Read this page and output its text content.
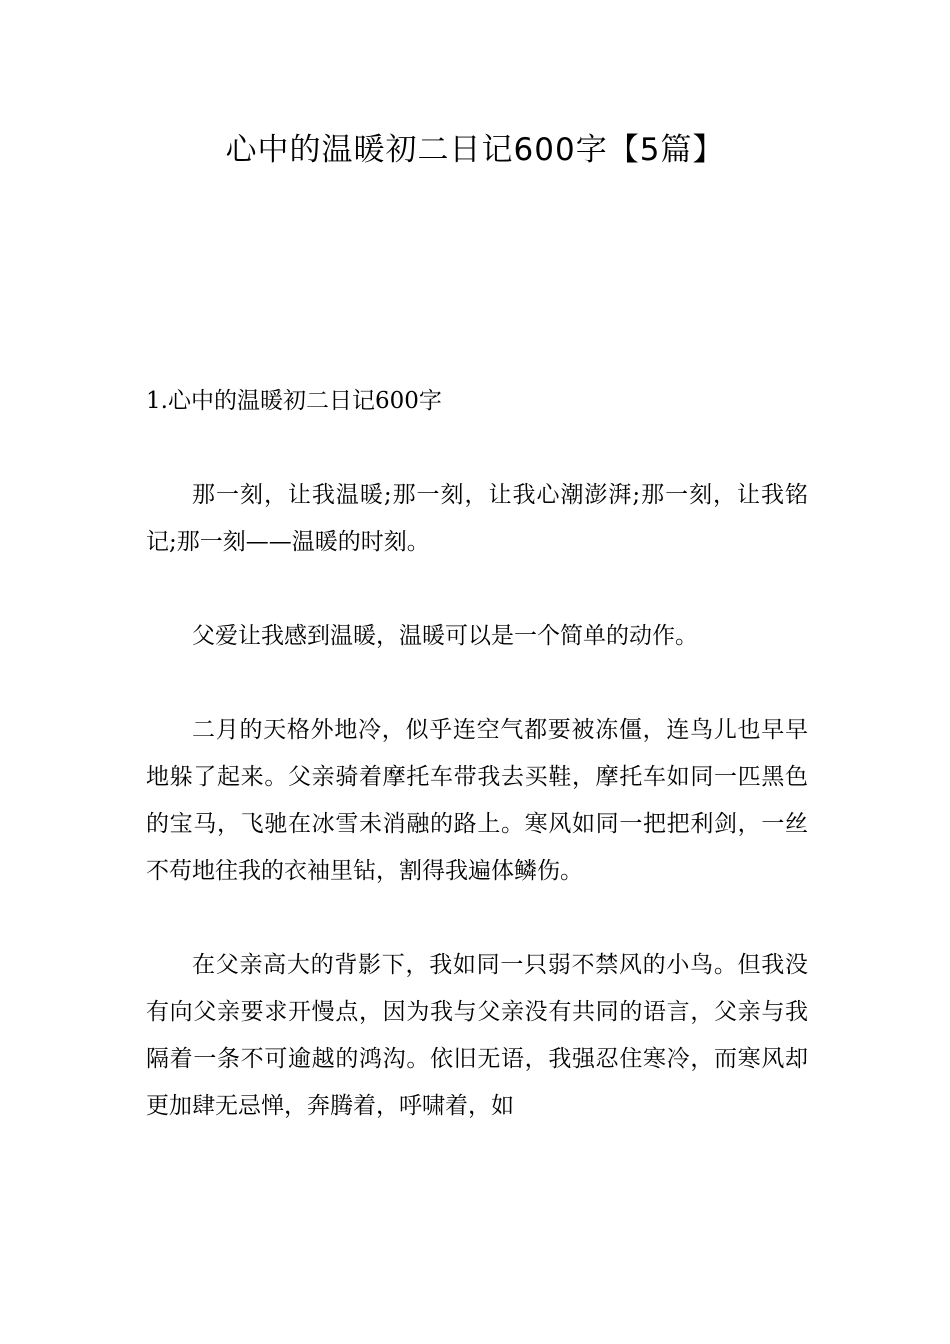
心中的温暖初二日记600字【5篇】

1.心中的温暖初二日记600字

那一刻，让我温暖;那一刻，让我心潮澎湃;那一刻，让我铭记;那一刻——温暖的时刻。

父爱让我感到温暖，温暖可以是一个简单的动作。

二月的天格外地冷，似乎连空气都要被冻僵，连鸟儿也早早地躲了起来。父亲骑着摩托车带我去买鞋，摩托车如同一匹黑色的宝马，飞驰在冰雪未消融的路上。寒风如同一把把利剑，一丝不苟地往我的衣袖里钻，割得我遍体鳞伤。

在父亲高大的背影下，我如同一只弱不禁风的小鸟。但我没有向父亲要求开慢点，因为我与父亲没有共同的语言，父亲与我隔着一条不可逾越的鸿沟。依旧无语，我强忍住寒冷，而寒风却更加肆无忌惮，奔腾着，呼啸着，如
